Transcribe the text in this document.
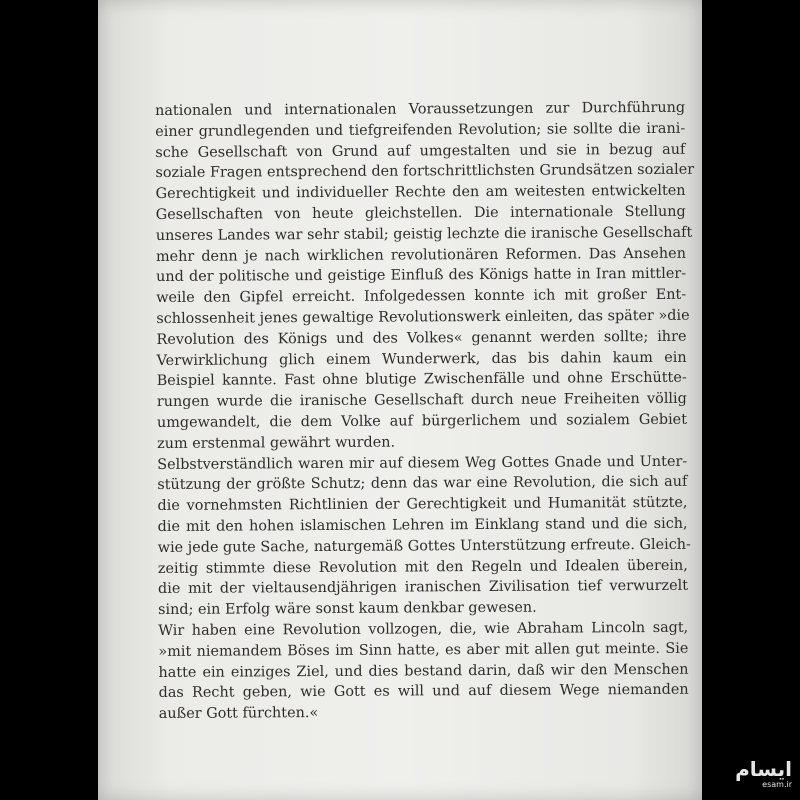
nationalen und internationalen Voraussetzungen zur Durchführung
einer grundlegenden und tiefgreifenden Revolution; sie sollte die irani-
sche Gesellschaft von Grund auf umgestalten und sie in bezug auf
soziale Fragen entsprechend den fortschrittlichsten Grundsätzen sozialer
Gerechtigkeit und individueller Rechte den am weitesten entwickelten
Gesellschaften von heute gleichstellen. Die internationale Stellung
unseres Landes war sehr stabil; geistig lechzte die iranische Gesellschaft
mehr denn je nach wirklichen revolutionären Reformen. Das Ansehen
und der politische und geistige Einfluß des Königs hatte in Iran mittler-
weile den Gipfel erreicht. Infolgedessen konnte ich mit großer Ent-
schlossenheit jenes gewaltige Revolutionswerk einleiten, das später »die
Revolution des Königs und des Volkes« genannt werden sollte; ihre
Verwirklichung glich einem Wunderwerk, das bis dahin kaum ein
Beispiel kannte. Fast ohne blutige Zwischenfälle und ohne Erschütte-
rungen wurde die iranische Gesellschaft durch neue Freiheiten völlig
umgewandelt, die dem Volke auf bürgerlichem und sozialem Gebiet
zum erstenmal gewährt wurden.
Selbstverständlich waren mir auf diesem Weg Gottes Gnade und Unter-
stützung der größte Schutz; denn das war eine Revolution, die sich auf
die vornehmsten Richtlinien der Gerechtigkeit und Humanität stützte,
die mit den hohen islamischen Lehren im Einklang stand und die sich,
wie jede gute Sache, naturgemäß Gottes Unterstützung erfreute. Gleich-
zeitig stimmte diese Revolution mit den Regeln und Idealen überein,
die mit der vieltausendjährigen iranischen Zivilisation tief verwurzelt
sind; ein Erfolg wäre sonst kaum denkbar gewesen.
Wir haben eine Revolution vollzogen, die, wie Abraham Lincoln sagt,
»mit niemandem Böses im Sinn hatte, es aber mit allen gut meinte. Sie
hatte ein einziges Ziel, und dies bestand darin, daß wir den Menschen
das Recht geben, wie Gott es will und auf diesem Wege niemanden
außer Gott fürchten.«
ایسام
esam.ir
